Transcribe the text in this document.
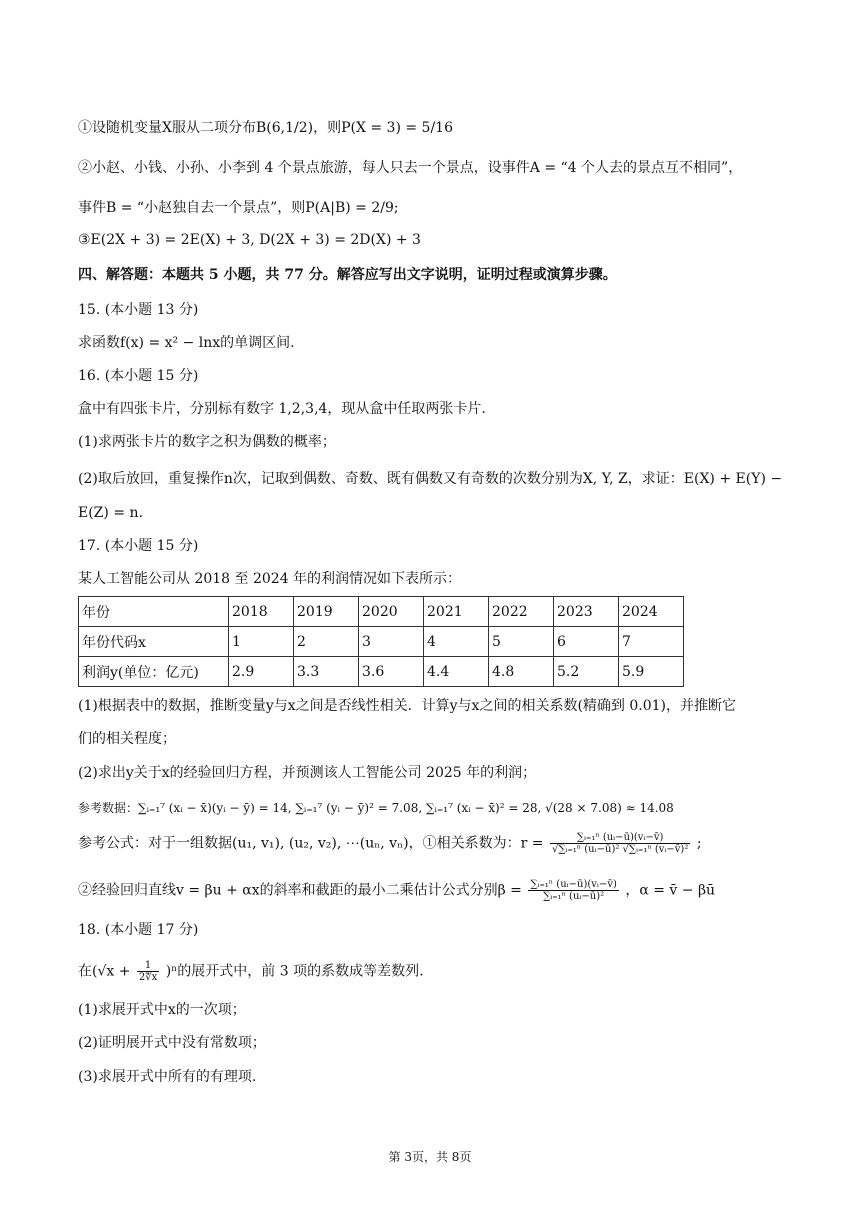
①设随机变量X服从二项分布B(6,1/2)，则P(X = 3) = 5/16
②小赵、小钱、小孙、小李到 4 个景点旅游，每人只去一个景点，设事件A = “4 个人去的景点互不相同”，
事件B = “小赵独自去一个景点”，则P(A|B) = 2/9;
③E(2X + 3) = 2E(X) + 3, D(2X + 3) = 2D(X) + 3
四、解答题：本题共 5 小题，共 77 分。解答应写出文字说明，证明过程或演算步骤。
15. (本小题 13 分)
求函数f(x) = x² − lnx的单调区间.
16. (本小题 15 分)
盒中有四张卡片，分别标有数字 1,2,3,4，现从盒中任取两张卡片.
(1)求两张卡片的数字之积为偶数的概率；
(2)取后放回，重复操作n次，记取到偶数、奇数、既有偶数又有奇数的次数分别为X, Y, Z，求证：E(X) + E(Y) −
E(Z) = n.
17. (本小题 15 分)
某人工智能公司从 2018 至 2024 年的利润情况如下表所示：
年份	2018	2019	2020	2021	2022	2023	2024
年份代码x	1	2	3	4	5	6	7
利润y(单位：亿元)	2.9	3.3	3.6	4.4	4.8	5.2	5.9
(1)根据表中的数据，推断变量y与x之间是否线性相关．计算y与x之间的相关系数(精确到 0.01)，并推断它
们的相关程度；
(2)求出y关于x的经验回归方程，并预测该人工智能公司 2025 年的利润；
参考数据：∑ᵢ₌₁⁷ (xᵢ − x̄)(yᵢ − ȳ) = 14, ∑ᵢ₌₁⁷ (yᵢ − ȳ)² = 7.08, ∑ᵢ₌₁⁷ (xᵢ − x̄)² = 28, √(28 × 7.08) ≈ 14.08
参考公式：对于一组数据(u₁, v₁), (u₂, v₂), ⋯(uₙ, vₙ)，①相关系数为：$r = \frac{\text{∑ᵢ₌₁ⁿ (uᵢ−ū)(vᵢ−v̄)}}{\text{√∑ᵢ₌₁ⁿ (uᵢ−ū)² √∑ᵢ₌₁ⁿ (vᵢ−v̄)²}}$ ;
②经验回归直线v = βu + αx的斜率和截距的最小二乘估计公式分别$\beta = \frac{\text{∑ᵢ₌₁ⁿ (uᵢ−ū)(vᵢ−v̄)}}{\text{∑ᵢ₌₁ⁿ (uᵢ−ū)²}}$ ，α = v̄ − βū
18. (本小题 17 分)
在$(√x + \frac{1}{2∜x} )^n$的展开式中，前 3 项的系数成等差数列.
(1)求展开式中x的一次项；
(2)证明展开式中没有常数项；
(3)求展开式中所有的有理项.
第 3页，共 8页
